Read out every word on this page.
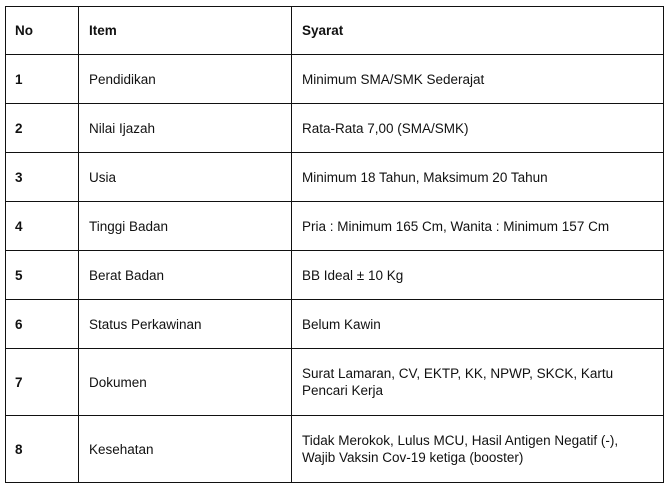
No	Item	Syarat
1	Pendidikan	Minimum SMA/SMK Sederajat
2	Nilai Ijazah	Rata-Rata 7,00 (SMA/SMK)
3	Usia	Minimum 18 Tahun, Maksimum 20 Tahun
4	Tinggi Badan	Pria : Minimum 165 Cm, Wanita : Minimum 157 Cm
5	Berat Badan	BB Ideal ± 10 Kg
6	Status Perkawinan	Belum Kawin
7	Dokumen	Surat Lamaran, CV, EKTP, KK, NPWP, SKCK, Kartu Pencari Kerja
8	Kesehatan	Tidak Merokok, Lulus MCU, Hasil Antigen Negatif (-), Wajib Vaksin Cov-19 ketiga (booster)
